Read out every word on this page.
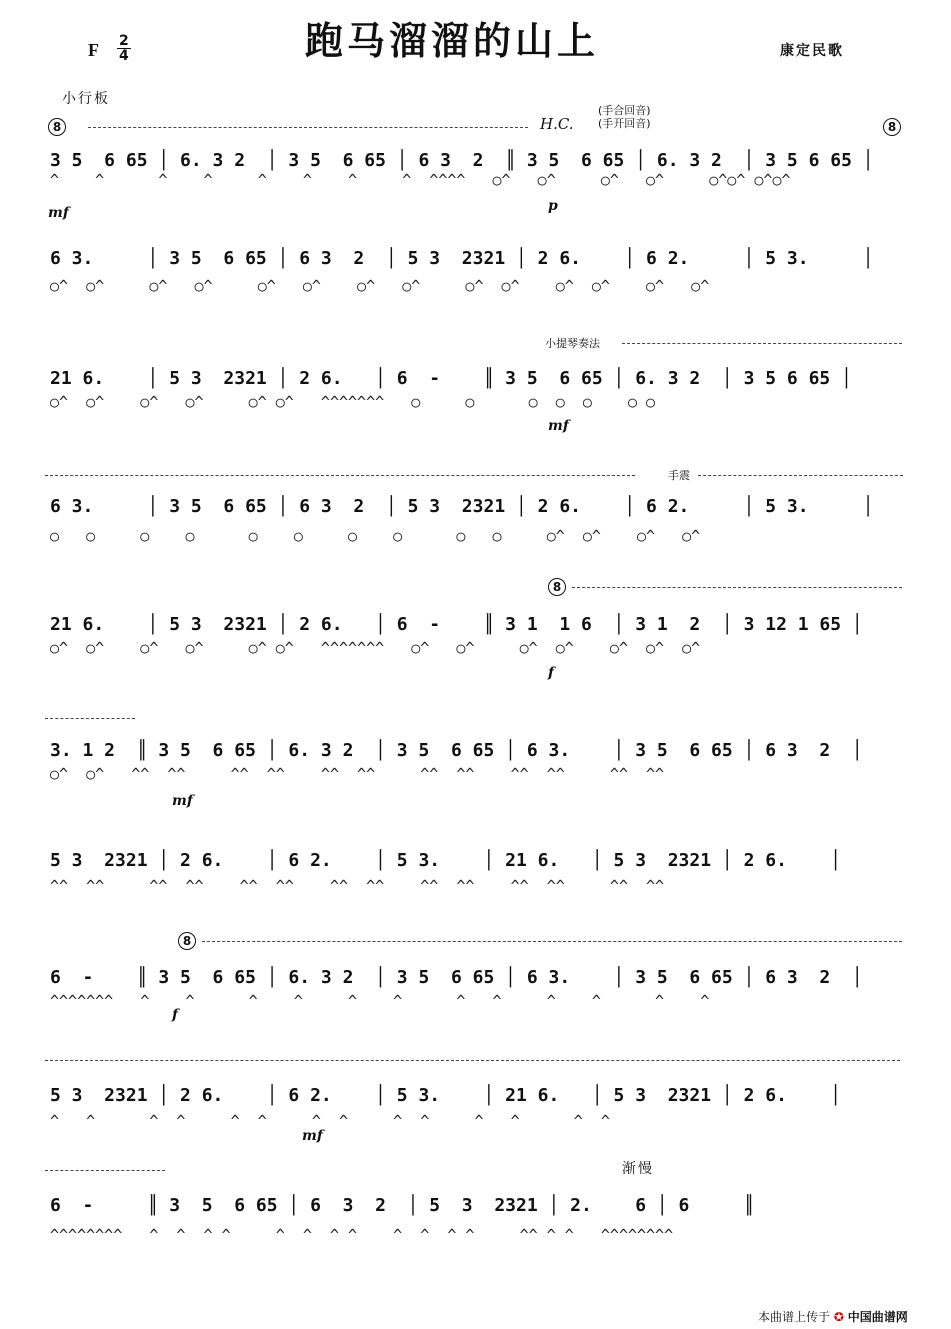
F $\frac{2}{4}$	跑马溜溜的山上	康定民歌
小行板
8	H.C.
(手合回音)
(手开回音)	8
3 5  6 65 │ 6. 3 2  │ 3 5  6 65 │ 6 3  2  ║ 3 5  6 65 │ 6. 3 2  │ 3 5 6 65 │
^    ^      ^    ^     ^    ^    ^     ^  ^^^^   ○^   ○^     ○^   ○^     ○^○^ ○^○^
mf	p
6 3.     │ 3 5  6 65 │ 6 3  2  │ 5 3  2321 │ 2 6.    │ 6 2.     │ 5 3.     │
○^  ○^     ○^   ○^     ○^   ○^    ○^   ○^     ○^  ○^    ○^  ○^    ○^   ○^
小提琴奏法
21 6.    │ 5 3  2321 │ 2 6.   │ 6  -    ║ 3 5  6 65 │ 6. 3 2  │ 3 5 6 65 │
○^  ○^    ○^   ○^     ○^ ○^   ^^^^^^^   ○     ○      ○  ○  ○    ○ ○
mf
手震
6 3.     │ 3 5  6 65 │ 6 3  2  │ 5 3  2321 │ 2 6.    │ 6 2.     │ 5 3.     │
○   ○     ○    ○      ○    ○     ○    ○      ○   ○     ○^  ○^    ○^   ○^
8
21 6.    │ 5 3  2321 │ 2 6.   │ 6  -    ║ 3 1  1 6  │ 3 1  2  │ 3 12 1 65 │
○^  ○^    ○^   ○^     ○^ ○^   ^^^^^^^   ○^   ○^     ○^  ○^    ○^  ○^  ○^
f
3. 1 2  ║ 3 5  6 65 │ 6. 3 2  │ 3 5  6 65 │ 6 3.    │ 3 5  6 65 │ 6 3  2  │
○^  ○^   ^^  ^^     ^^  ^^    ^^  ^^     ^^  ^^    ^^  ^^     ^^  ^^
mf
5 3  2321 │ 2 6.    │ 6 2.    │ 5 3.    │ 21 6.   │ 5 3  2321 │ 2 6.    │
^^  ^^     ^^  ^^    ^^  ^^    ^^  ^^    ^^  ^^    ^^  ^^     ^^  ^^
8
6  -    ║ 3 5  6 65 │ 6. 3 2  │ 3 5  6 65 │ 6 3.    │ 3 5  6 65 │ 6 3  2  │
^^^^^^^   ^    ^      ^    ^     ^    ^      ^   ^     ^    ^      ^    ^
f
5 3  2321 │ 2 6.    │ 6 2.    │ 5 3.    │ 21 6.   │ 5 3  2321 │ 2 6.    │
^   ^      ^  ^     ^  ^     ^  ^     ^  ^     ^   ^      ^  ^
mf
渐慢
6  -     ║ 3  5  6 65 │ 6  3  2  │ 5  3  2321 │ 2.    6 │ 6     ║
^^^^^^^^   ^  ^  ^ ^     ^  ^  ^ ^    ^  ^  ^ ^     ^^ ^ ^   ^^^^^^^^
本曲谱上传于 ✪ 中国曲谱网
